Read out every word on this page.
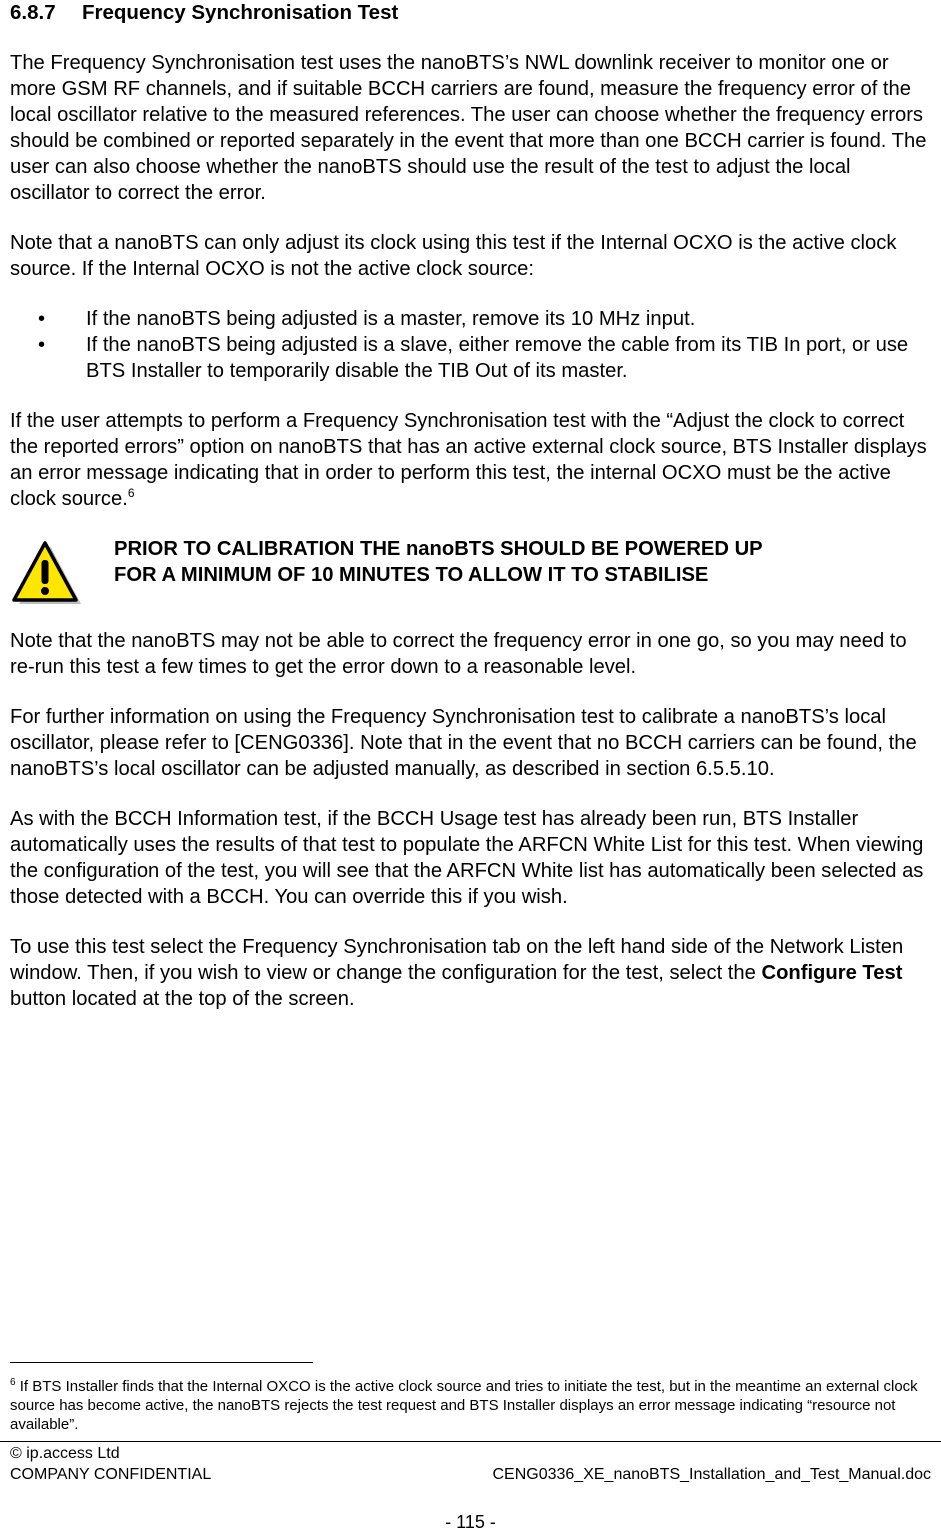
6.8.7 Frequency Synchronisation Test

The Frequency Synchronisation test uses the nanoBTS’s NWL downlink receiver to monitor one or more GSM RF channels, and if suitable BCCH carriers are found, measure the frequency error of the local oscillator relative to the measured references. The user can choose whether the frequency errors should be combined or reported separately in the event that more than one BCCH carrier is found. The user can also choose whether the nanoBTS should use the result of the test to adjust the local oscillator to correct the error.

Note that a nanoBTS can only adjust its clock using this test if the Internal OCXO is the active clock source. If the Internal OCXO is not the active clock source:

• If the nanoBTS being adjusted is a master, remove its 10 MHz input.
• If the nanoBTS being adjusted is a slave, either remove the cable from its TIB In port, or use BTS Installer to temporarily disable the TIB Out of its master.

If the user attempts to perform a Frequency Synchronisation test with the “Adjust the clock to correct the reported errors” option on nanoBTS that has an active external clock source, BTS Installer displays an error message indicating that in order to perform this test, the internal OCXO must be the active clock source.$^6$

PRIOR TO CALIBRATION THE nanoBTS SHOULD BE POWERED UP
FOR A MINIMUM OF 10 MINUTES TO ALLOW IT TO STABILISE

Note that the nanoBTS may not be able to correct the frequency error in one go, so you may need to re-run this test a few times to get the error down to a reasonable level.

For further information on using the Frequency Synchronisation test to calibrate a nanoBTS’s local oscillator, please refer to [CENG0336]. Note that in the event that no BCCH carriers can be found, the nanoBTS’s local oscillator can be adjusted manually, as described in section 6.5.5.10.

As with the BCCH Information test, if the BCCH Usage test has already been run, BTS Installer automatically uses the results of that test to populate the ARFCN White List for this test. When viewing the configuration of the test, you will see that the ARFCN White list has automatically been selected as those detected with a BCCH. You can override this if you wish.

To use this test select the Frequency Synchronisation tab on the left hand side of the Network Listen window. Then, if you wish to view or change the configuration for the test, select the Configure Test button located at the top of the screen.

$^6$ If BTS Installer finds that the Internal OXCO is the active clock source and tries to initiate the test, but in the meantime an external clock source has become active, the nanoBTS rejects the test request and BTS Installer displays an error message indicating “resource not available”.
© ip.access Ltd
COMPANY CONFIDENTIAL	CENG0336_XE_nanoBTS_Installation_and_Test_Manual.doc
- 115 -
